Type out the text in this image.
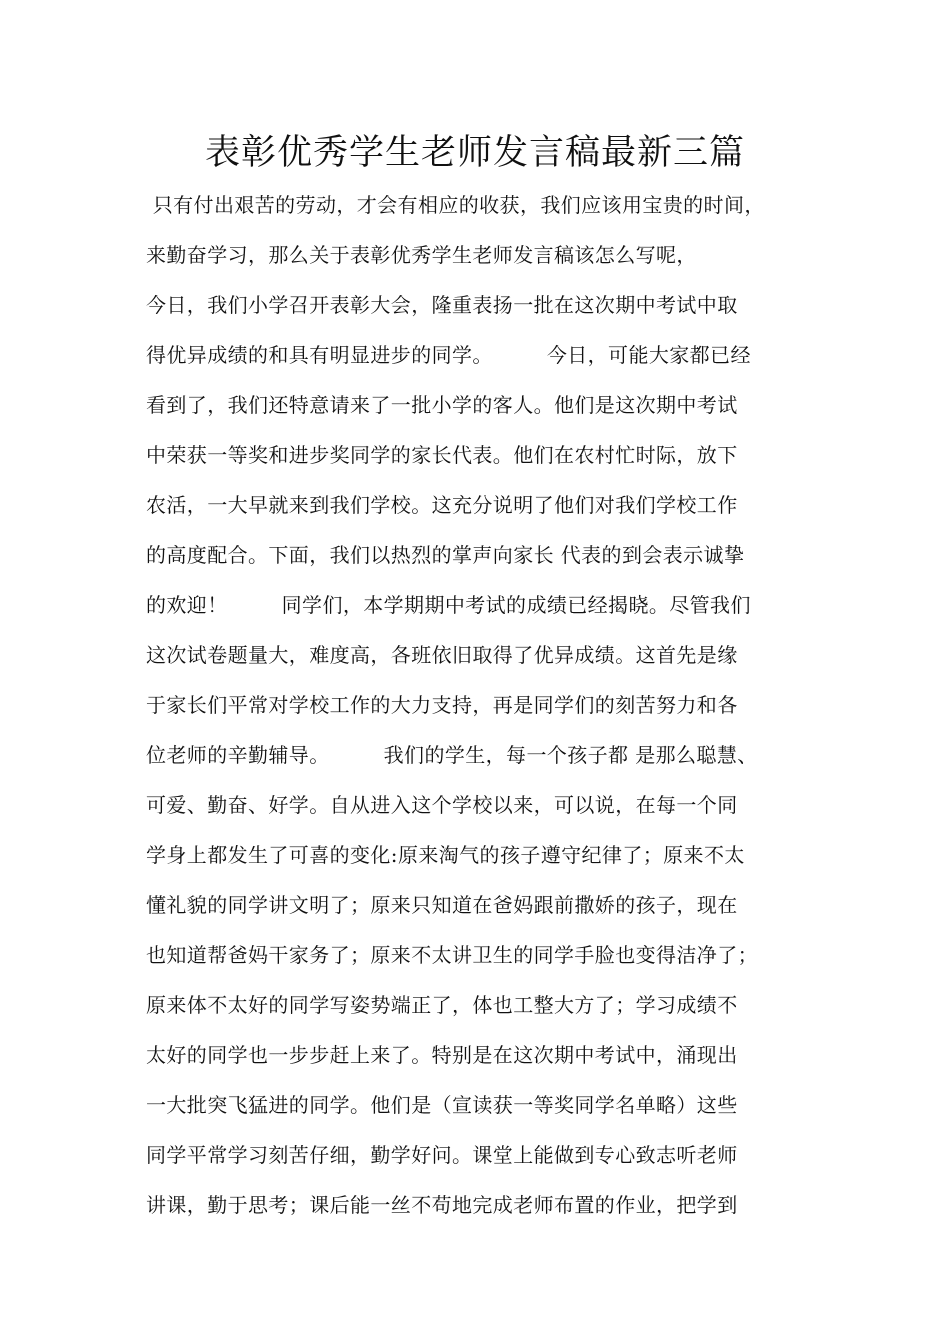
表彰优秀学生老师发言稿最新三篇
只有付出艰苦的劳动，才会有相应的收获，我们应该用宝贵的时间，
来勤奋学习，那么关于表彰优秀学生老师发言稿该怎么写呢，
今日，我们小学召开表彰大会，隆重表扬一批在这次期中考试中取
得优异成绩的和具有明显进步的同学。        今日，可能大家都已经
看到了，我们还特意请来了一批小学的客人。他们是这次期中考试
中荣获一等奖和进步奖同学的家长代表。他们在农村忙时际，放下
农活，一大早就来到我们学校。这充分说明了他们对我们学校工作
的高度配合。下面，我们以热烈的掌声向家长 代表的到会表示诚挚
的欢迎！        同学们，本学期期中考试的成绩已经揭晓。尽管我们
这次试卷题量大，难度高，各班依旧取得了优异成绩。这首先是缘
于家长们平常对学校工作的大力支持，再是同学们的刻苦努力和各
位老师的辛勤辅导。        我们的学生，每一个孩子都 是那么聪慧、
可爱、勤奋、好学。自从进入这个学校以来，可以说，在每一个同
学身上都发生了可喜的变化:原来淘气的孩子遵守纪律了；原来不太
懂礼貌的同学讲文明了；原来只知道在爸妈跟前撒娇的孩子，现在
也知道帮爸妈干家务了；原来不太讲卫生的同学手脸也变得洁净了；
原来体不太好的同学写姿势端正了，体也工整大方了；学习成绩不
太好的同学也一步步赶上来了。特别是在这次期中考试中，涌现出
一大批突飞猛进的同学。他们是（宣读获一等奖同学名单略）这些
同学平常学习刻苦仔细，勤学好问。课堂上能做到专心致志听老师
讲课，勤于思考；课后能一丝不苟地完成老师布置的作业，把学到
